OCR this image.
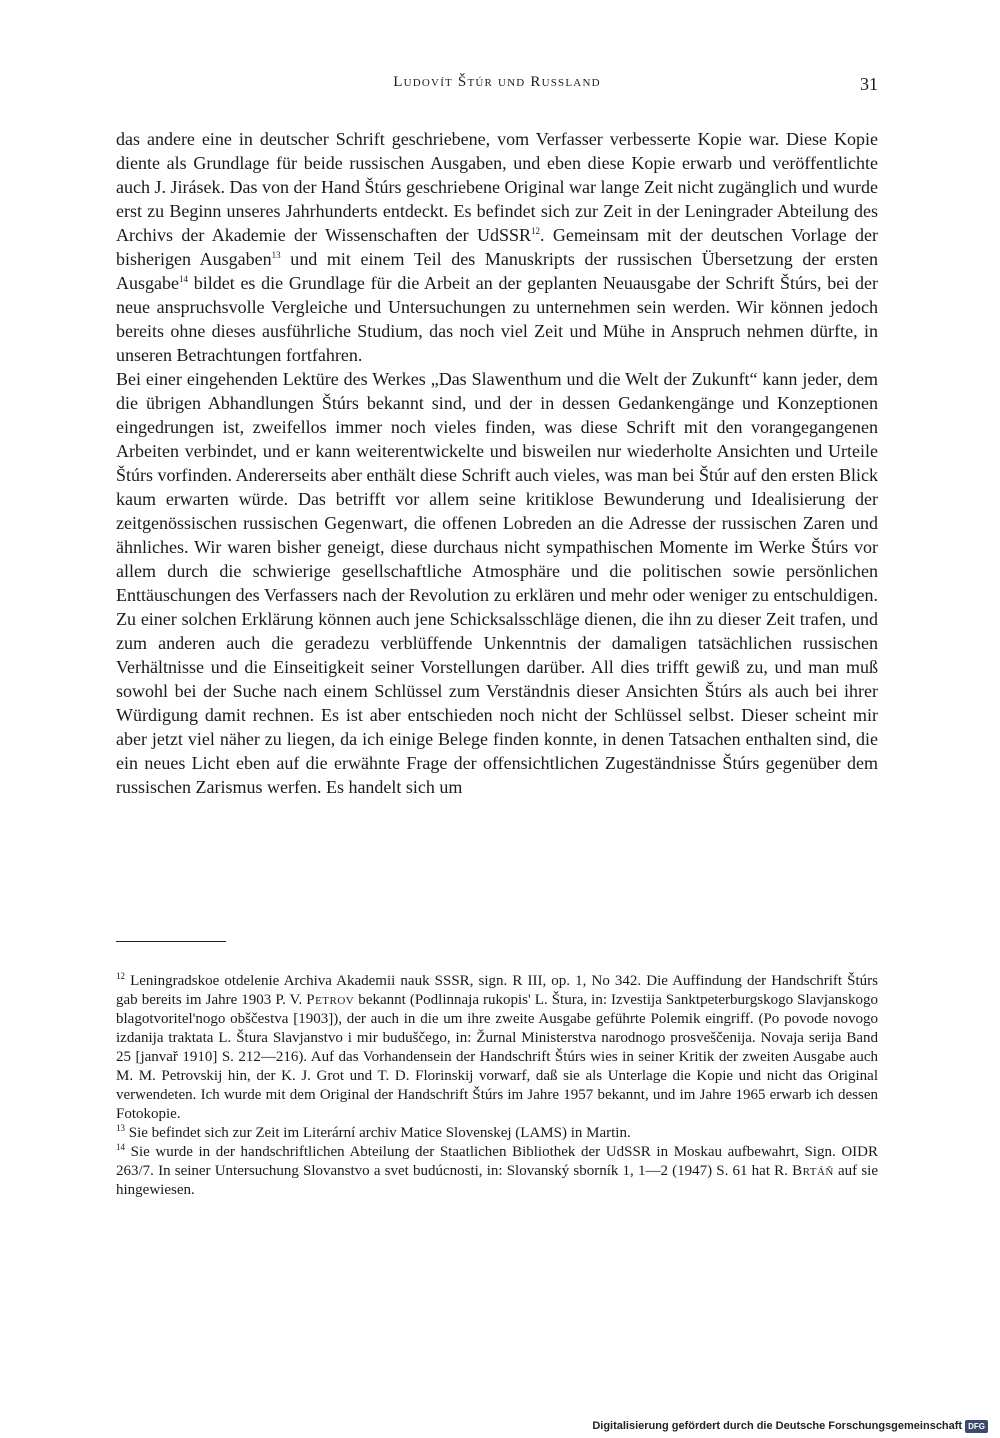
Ludovít Štúr und Russland	31

das andere eine in deutscher Schrift geschriebene, vom Verfasser verbesserte Kopie war. Diese Kopie diente als Grundlage für beide russischen Ausgaben, und eben diese Kopie erwarb und veröffentlichte auch J. Jirásek. Das von der Hand Štúrs geschriebene Original war lange Zeit nicht zugänglich und wurde erst zu Beginn unseres Jahrhunderts entdeckt. Es befindet sich zur Zeit in der Leningrader Abteilung des Archivs der Akademie der Wissenschaften der UdSSR$^{12}$. Gemeinsam mit der deutschen Vorlage der bisherigen Ausgaben$^{13}$ und mit einem Teil des Manuskripts der russischen Übersetzung der ersten Ausgabe$^{14}$ bildet es die Grundlage für die Arbeit an der geplanten Neuausgabe der Schrift Štúrs, bei der neue anspruchsvolle Vergleiche und Untersuchungen zu unternehmen sein werden. Wir können jedoch bereits ohne dieses ausführliche Studium, das noch viel Zeit und Mühe in Anspruch nehmen dürfte, in unseren Betrachtungen fortfahren.

Bei einer eingehenden Lektüre des Werkes „Das Slawenthum und die Welt der Zukunft“ kann jeder, dem die übrigen Abhandlungen Štúrs bekannt sind, und der in dessen Gedankengänge und Konzeptionen eingedrungen ist, zweifellos immer noch vieles finden, was diese Schrift mit den vorangegangenen Arbeiten verbindet, und er kann weiterentwickelte und bisweilen nur wiederholte Ansichten und Urteile Štúrs vorfinden. Andererseits aber enthält diese Schrift auch vieles, was man bei Štúr auf den ersten Blick kaum erwarten würde. Das betrifft vor allem seine kritiklose Bewunderung und Idealisierung der zeitgenössischen russischen Gegenwart, die offenen Lobreden an die Adresse der russischen Zaren und ähnliches. Wir waren bisher geneigt, diese durchaus nicht sympathischen Momente im Werke Štúrs vor allem durch die schwierige gesellschaftliche Atmosphäre und die politischen sowie persönlichen Enttäuschungen des Verfassers nach der Revolution zu erklären und mehr oder weniger zu entschuldigen. Zu einer solchen Erklärung können auch jene Schicksalsschläge dienen, die ihn zu dieser Zeit trafen, und zum anderen auch die geradezu verblüffende Unkenntnis der damaligen tatsächlichen russischen Verhältnisse und die Einseitigkeit seiner Vorstellungen darüber. All dies trifft gewiß zu, und man muß sowohl bei der Suche nach einem Schlüssel zum Verständnis dieser Ansichten Štúrs als auch bei ihrer Würdigung damit rechnen. Es ist aber entschieden noch nicht der Schlüssel selbst. Dieser scheint mir aber jetzt viel näher zu liegen, da ich einige Belege finden konnte, in denen Tatsachen enthalten sind, die ein neues Licht eben auf die erwähnte Frage der offensichtlichen Zugeständnisse Štúrs gegenüber dem russischen Zarismus werfen. Es handelt sich um

$^{12}$ Leningradskoe otdelenie Archiva Akademii nauk SSSR, sign. R III, op. 1, No 342. Die Auffindung der Handschrift Štúrs gab bereits im Jahre 1903 P. V. Petrov bekannt (Podlinnaja rukopis' L. Štura, in: Izvestija Sanktpeterburgskogo Slavjanskogo blagotvoritel'nogo obščestva [1903]), der auch in die um ihre zweite Ausgabe geführte Polemik eingriff. (Po povode novogo izdanija traktata L. Štura Slavjanstvo i mir buduščego, in: Žurnal Ministerstva narodnogo prosveščenija. Novaja serija Band 25 [janvař 1910] S. 212—216). Auf das Vorhandensein der Handschrift Štúrs wies in seiner Kritik der zweiten Ausgabe auch M. M. Petrovskij hin, der K. J. Grot und T. D. Florinskij vorwarf, daß sie als Unterlage die Kopie und nicht das Original verwendeten. Ich wurde mit dem Original der Handschrift Štúrs im Jahre 1957 bekannt, und im Jahre 1965 erwarb ich dessen Fotokopie.

$^{13}$ Sie befindet sich zur Zeit im Literární archiv Matice Slovenskej (LAMS) in Martin.

$^{14}$ Sie wurde in der handschriftlichen Abteilung der Staatlichen Bibliothek der UdSSR in Moskau aufbewahrt, Sign. OIDR 263/7. In seiner Untersuchung Slovanstvo a svet budúcnosti, in: Slovanský sborník 1, 1—2 (1947) S. 61 hat R. Brtáň auf sie hingewiesen.

Digitalisierung gefördert durch die Deutsche Forschungsgemeinschaft DFG
